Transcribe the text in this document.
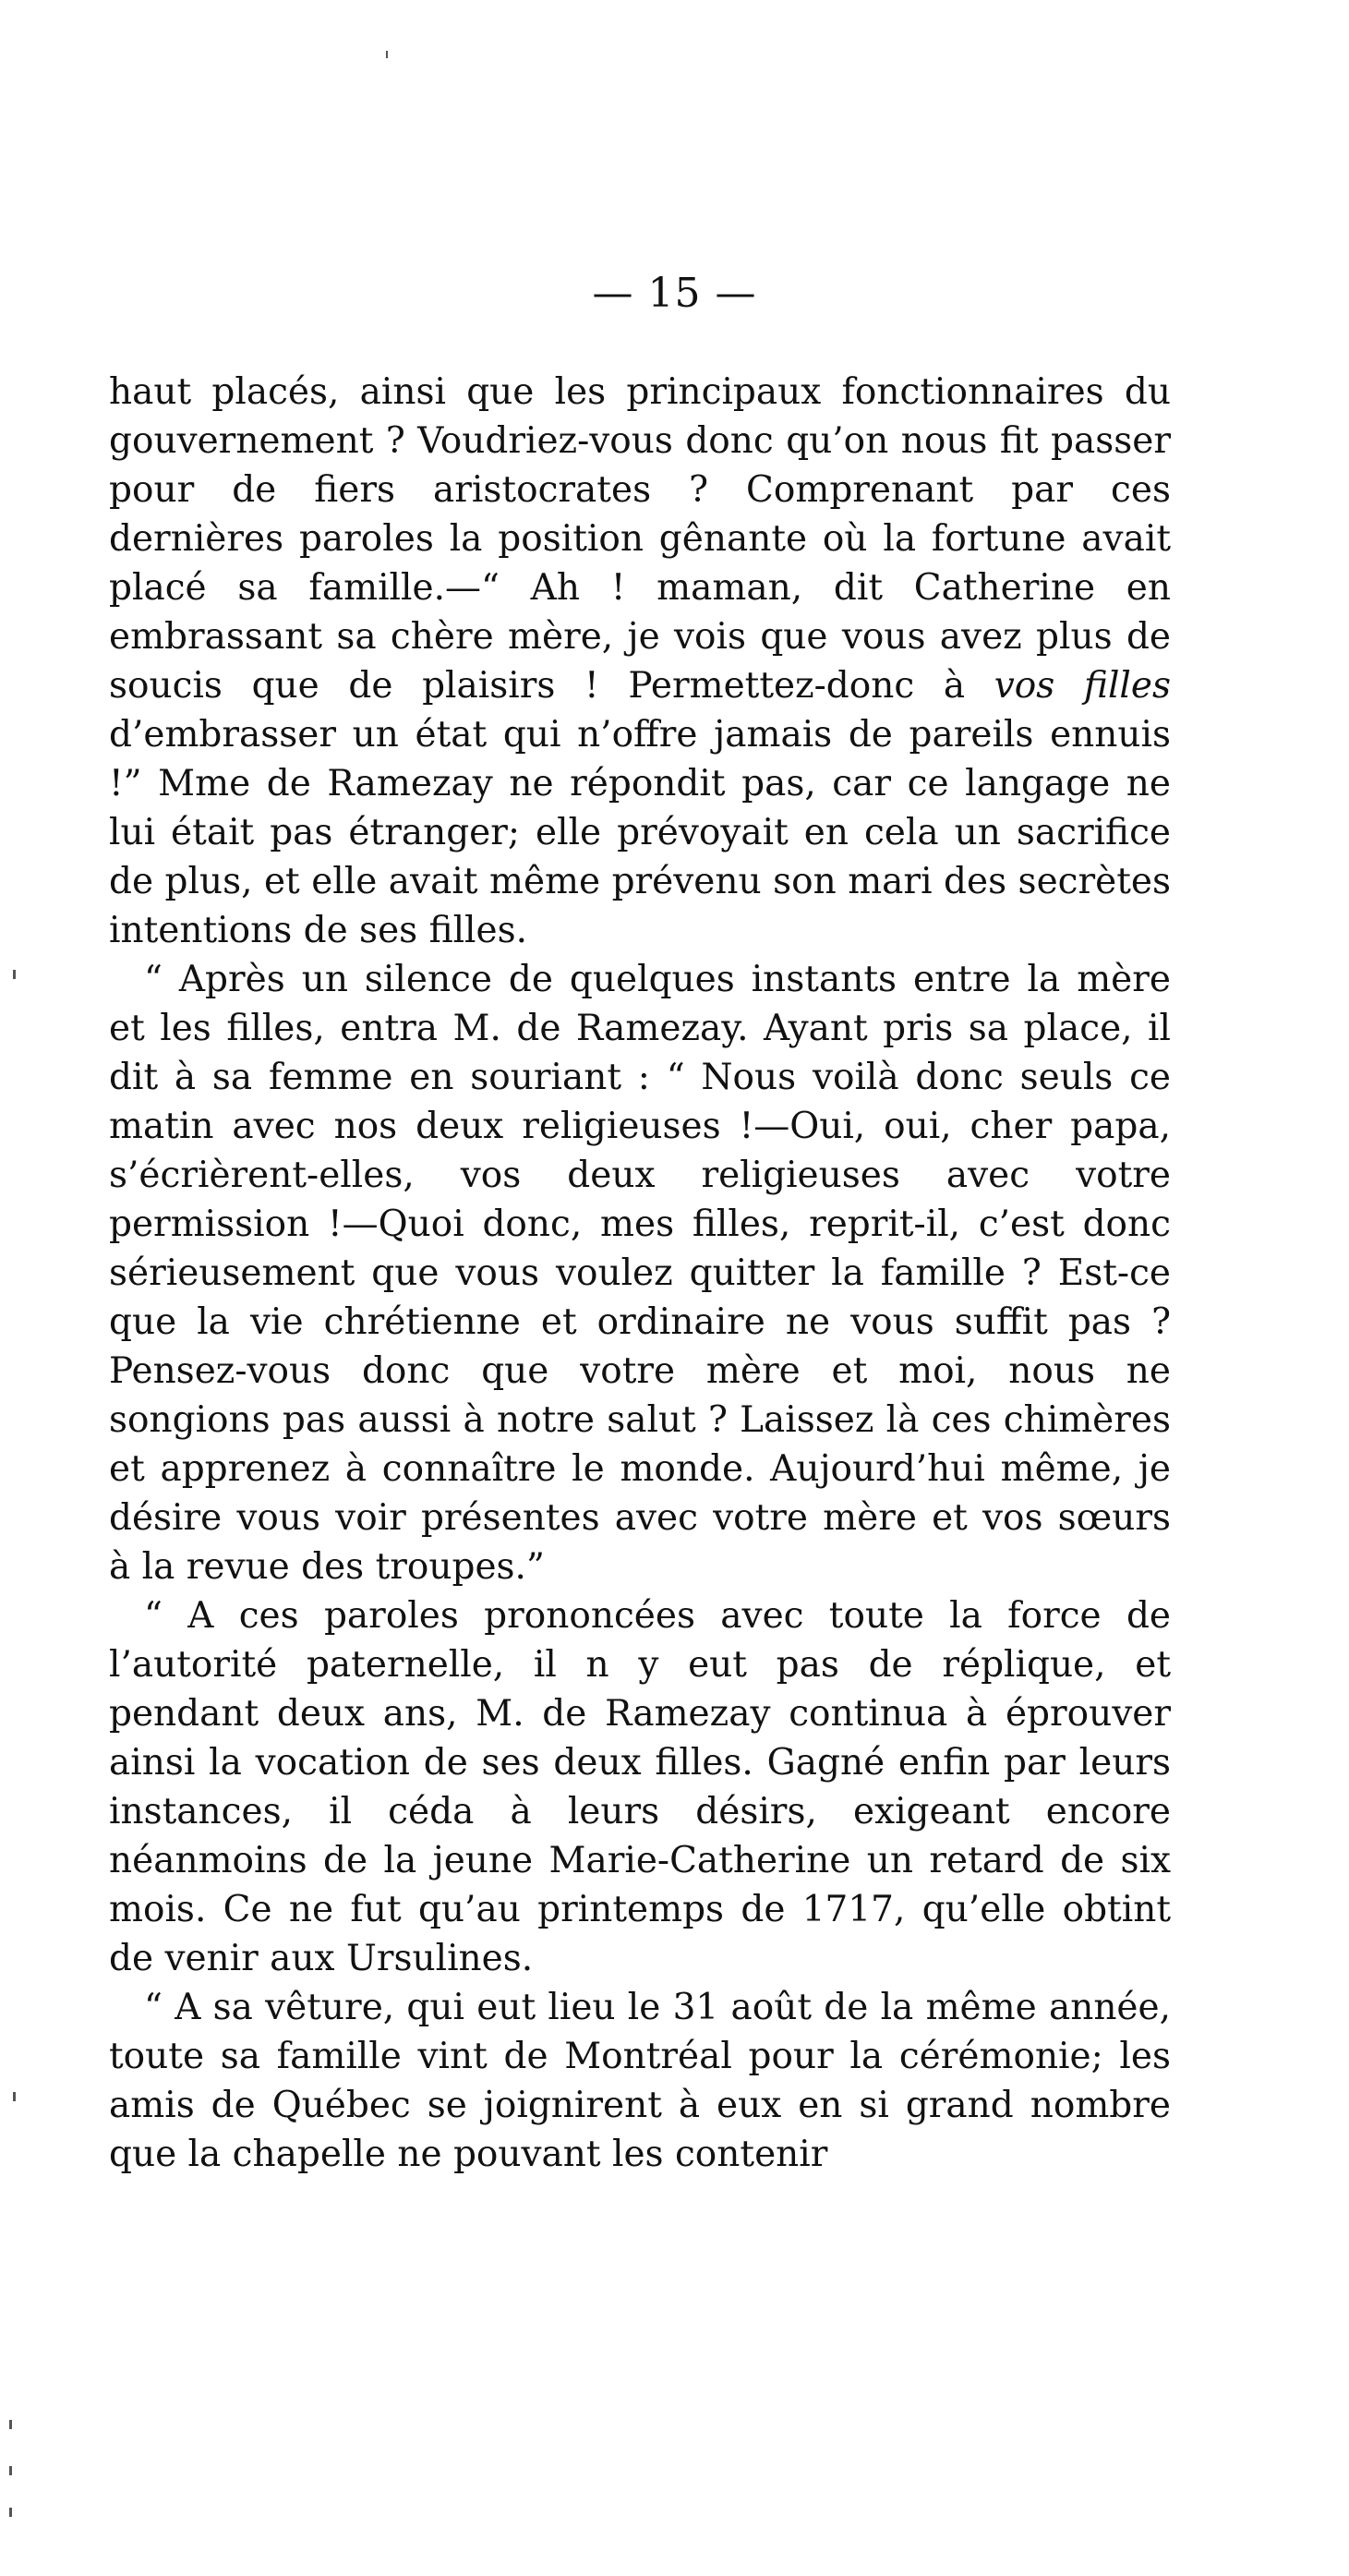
— 15 —

haut placés, ainsi que les principaux fonctionnaires du gouvernement ? Voudriez-vous donc qu’on nous fit passer pour de fiers aristocrates ? Comprenant par ces dernières paroles la position gênante où la fortune avait placé sa famille.—“ Ah ! maman, dit Catherine en embrassant sa chère mère, je vois que vous avez plus de soucis que de plaisirs ! Permettez-donc à vos filles d’embrasser un état qui n’offre jamais de pareils ennuis !” Mme de Ramezay ne répondit pas, car ce langage ne lui était pas étranger; elle prévoyait en cela un sacrifice de plus, et elle avait même prévenu son mari des secrètes intentions de ses filles.

“ Après un silence de quelques instants entre la mère et les filles, entra M. de Ramezay. Ayant pris sa place, il dit à sa femme en souriant : “ Nous voilà donc seuls ce matin avec nos deux religieuses !—Oui, oui, cher papa, s’écrièrent-elles, vos deux religieuses avec votre permission !—Quoi donc, mes filles, reprit-il, c’est donc sérieusement que vous voulez quitter la famille ? Est-ce que la vie chrétienne et ordinaire ne vous suffit pas ? Pensez-vous donc que votre mère et moi, nous ne songions pas aussi à notre salut ? Laissez là ces chimères et apprenez à connaître le monde. Aujourd’hui même, je désire vous voir présentes avec votre mère et vos sœurs à la revue des troupes.”

“ A ces paroles prononcées avec toute la force de l’autorité paternelle, il n y eut pas de réplique, et pendant deux ans, M. de Ramezay continua à éprouver ainsi la vocation de ses deux filles. Gagné enfin par leurs instances, il céda à leurs désirs, exigeant encore néanmoins de la jeune Marie-Catherine un retard de six mois. Ce ne fut qu’au printemps de 1717, qu’elle obtint de venir aux Ursulines.

“ A sa vêture, qui eut lieu le 31 août de la même année, toute sa famille vint de Montréal pour la cérémonie; les amis de Québec se joignirent à eux en si grand nombre que la chapelle ne pouvant les contenir
